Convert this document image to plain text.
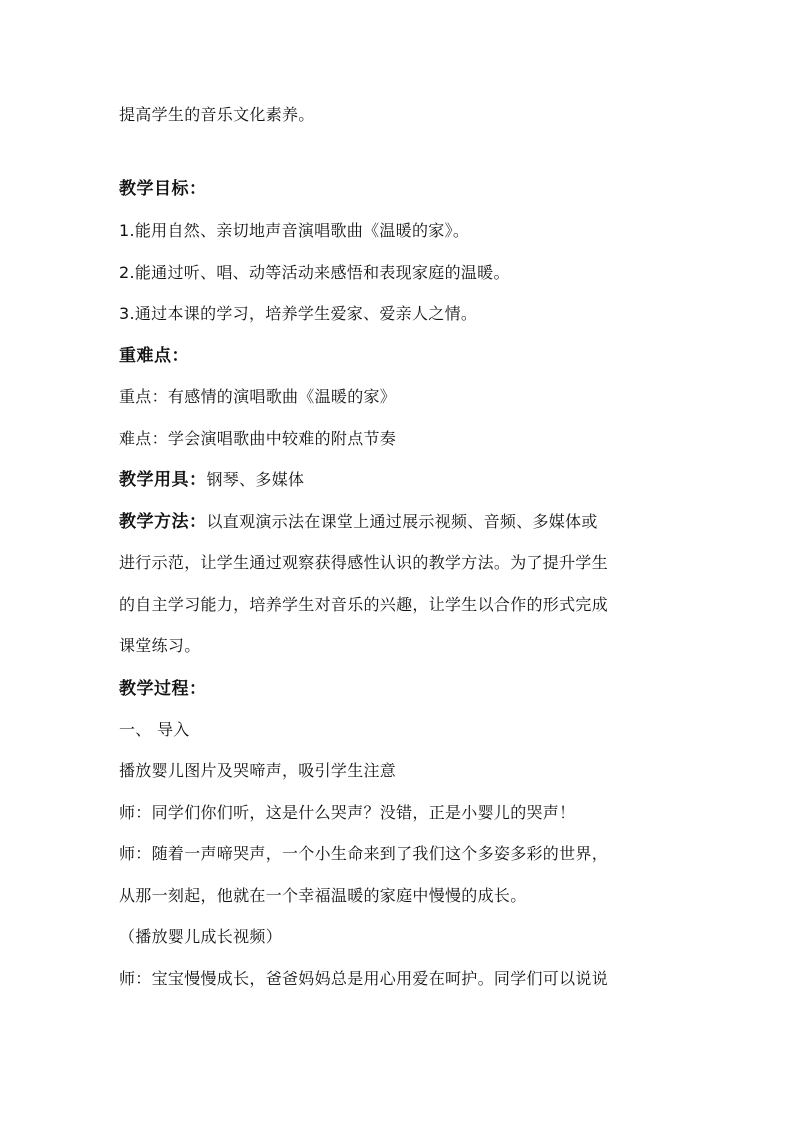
提高学生的音乐文化素养。
教学目标：
1.能用自然、亲切地声音演唱歌曲《温暖的家》。
2.能通过听、唱、动等活动来感悟和表现家庭的温暖。
3.通过本课的学习，培养学生爱家、爱亲人之情。
重难点：
重点：有感情的演唱歌曲《温暖的家》
难点：学会演唱歌曲中较难的附点节奏
教学用具：钢琴、多媒体
教学方法：以直观演示法在课堂上通过展示视频、音频、多媒体或
进行示范，让学生通过观察获得感性认识的教学方法。为了提升学生
的自主学习能力，培养学生对音乐的兴趣，让学生以合作的形式完成
课堂练习。
教学过程：
一、 导入
播放婴儿图片及哭啼声，吸引学生注意
师：同学们你们听，这是什么哭声？没错，正是小婴儿的哭声！
师：随着一声啼哭声，一个小生命来到了我们这个多姿多彩的世界，
从那一刻起，他就在一个幸福温暖的家庭中慢慢的成长。
（播放婴儿成长视频）
师：宝宝慢慢成长，爸爸妈妈总是用心用爱在呵护。同学们可以说说
